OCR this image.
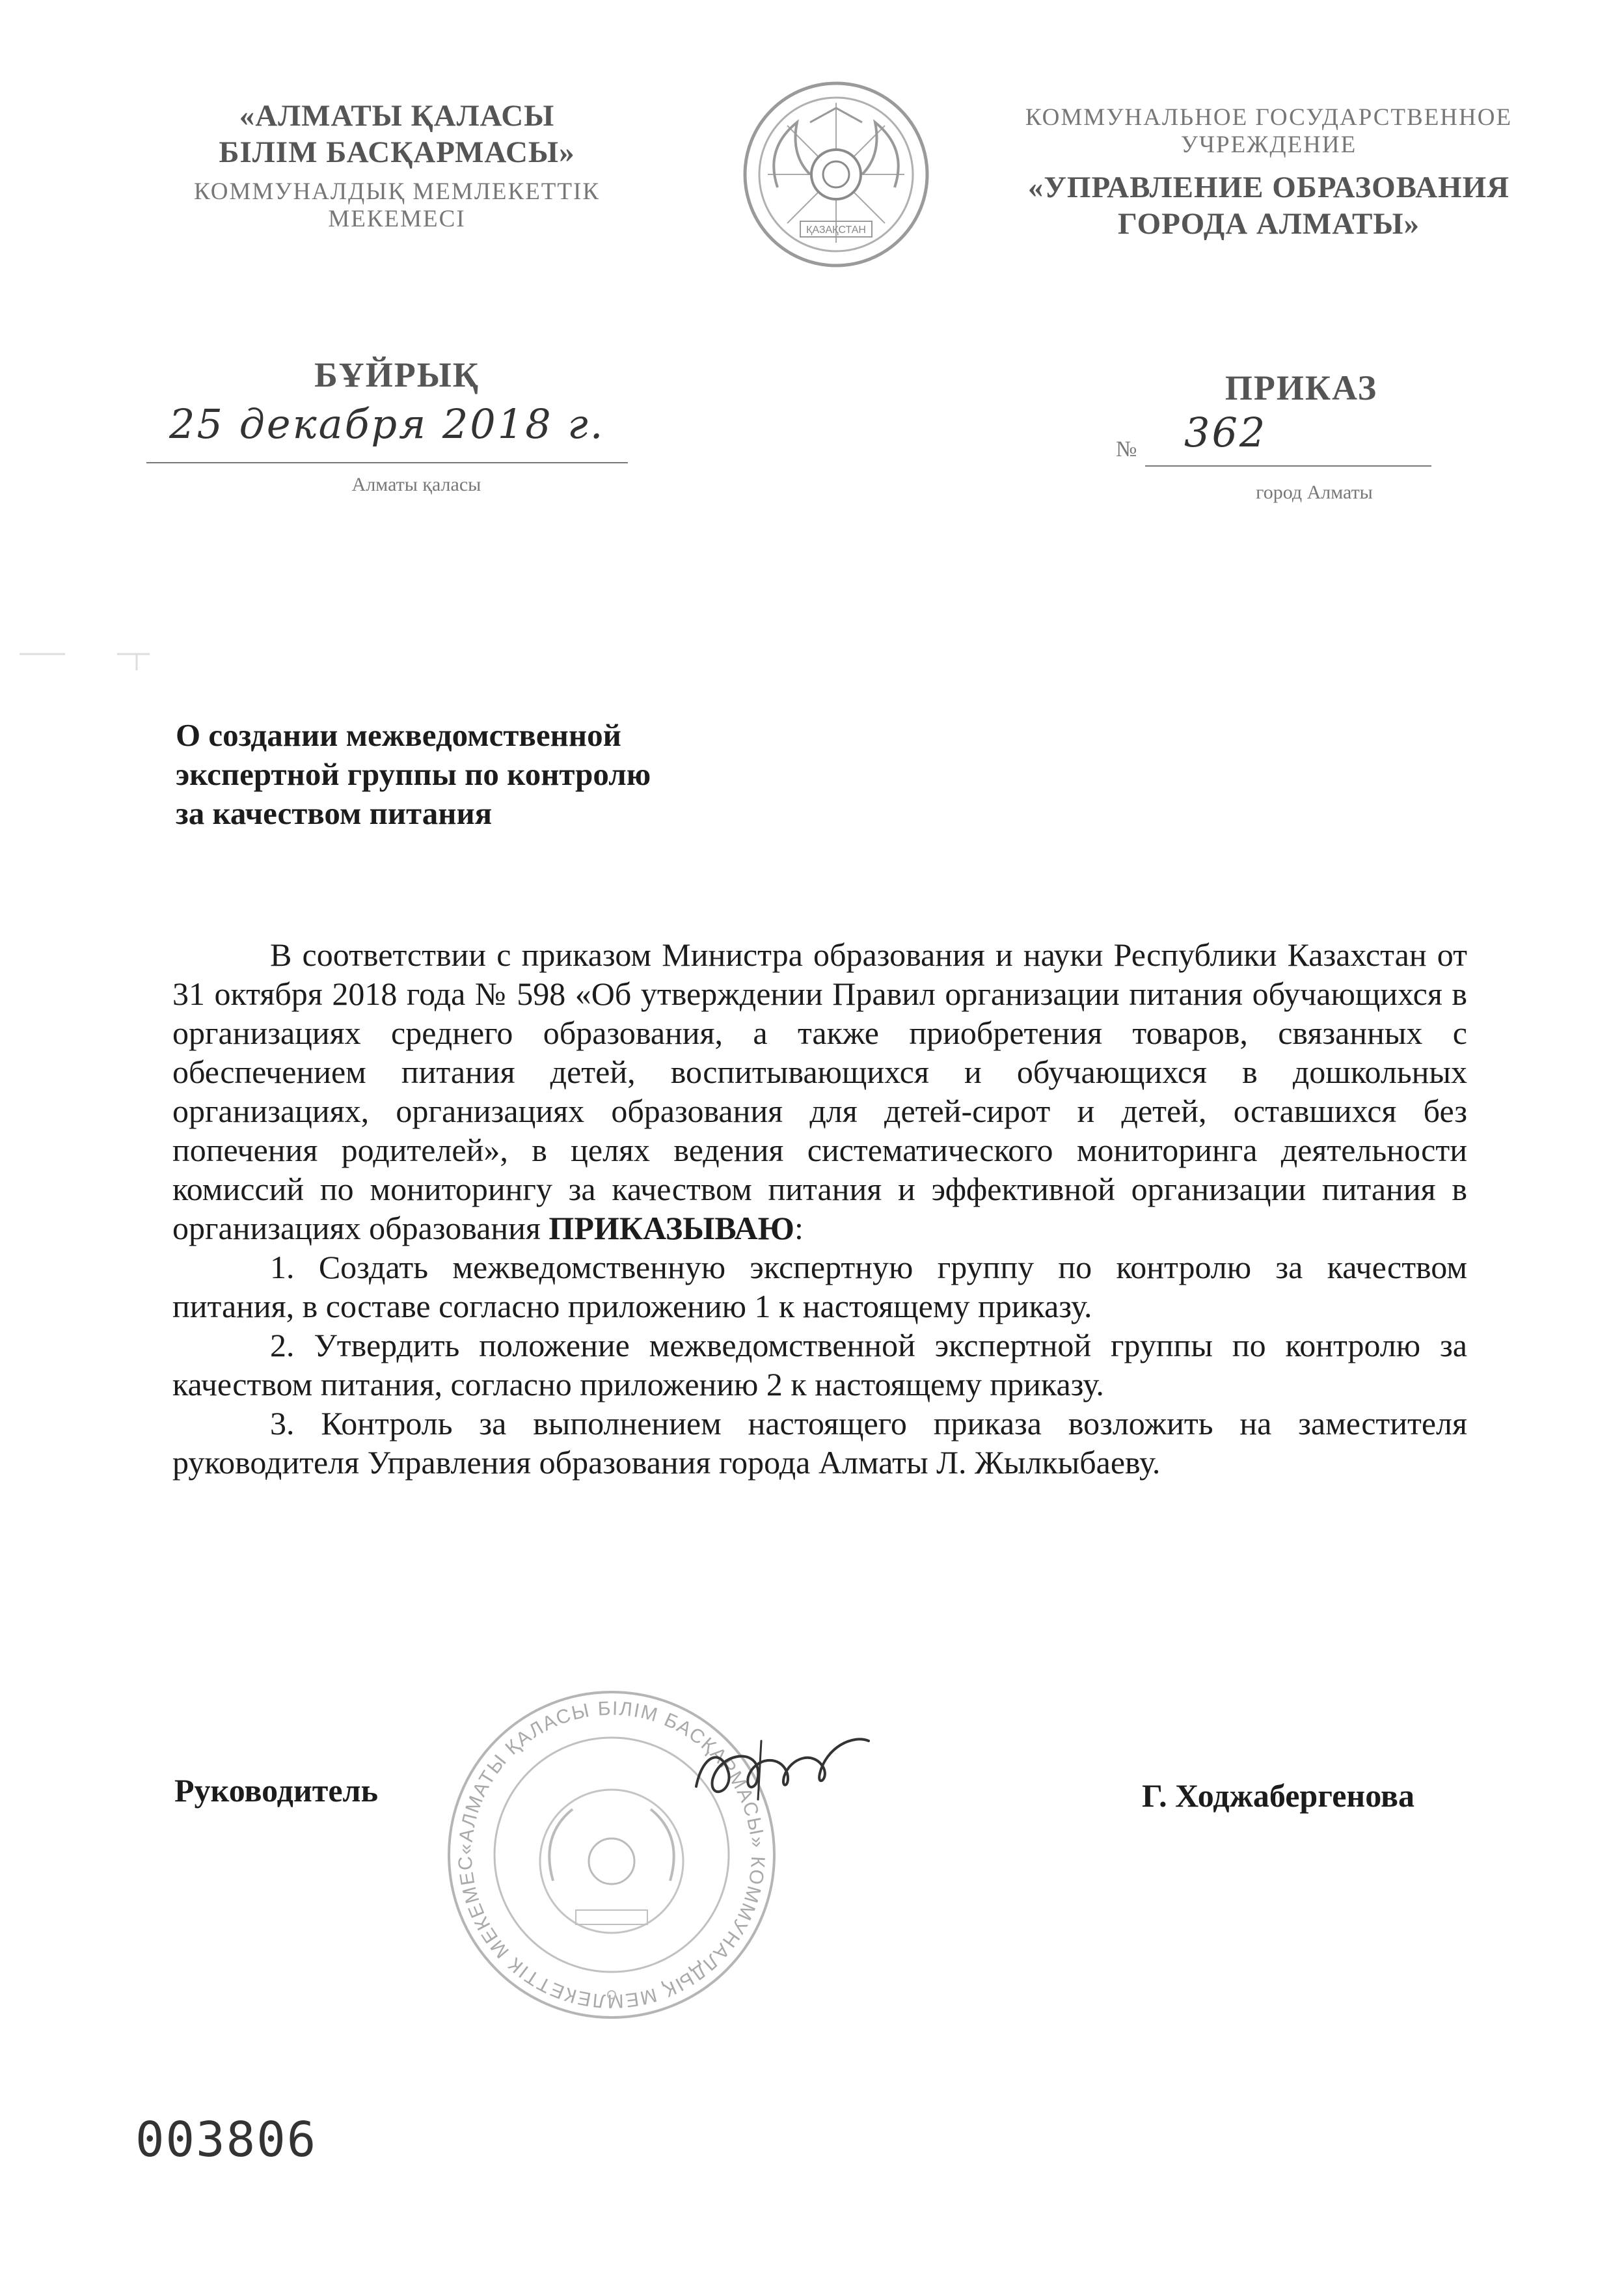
«АЛМАТЫ ҚАЛАСЫ
БІЛІМ БАСҚАРМАСЫ»
КОММУНАЛДЫҚ МЕМЛЕКЕТТІК
МЕКЕМЕСІ	ҚАЗАҚСТАН
КОММУНАЛЬНОЕ ГОСУДАРСТВЕННОЕ
УЧРЕЖДЕНИЕ
«УПРАВЛЕНИЕ ОБРАЗОВАНИЯ
ГОРОДА АЛМАТЫ»
БҰЙРЫҚ	ПРИКАЗ
25 декабря 2018 г.
Алматы қаласы
№ 362
город Алматы
О создании межведомственной
экспертной группы по контролю
за качеством питания

В соответствии с приказом Министра образования и науки Республики Казахстан от 31 октября 2018 года № 598 «Об утверждении Правил организации питания обучающихся в организациях среднего образования, а также приобретения товаров, связанных с обеспечением питания детей, воспитывающихся и обучающихся в дошкольных организациях, организациях образования для детей-сирот и детей, оставшихся без попечения родителей», в целях ведения систематического мониторинга деятельности комиссий по мониторингу за качеством питания и эффективной организации питания в организациях образования ПРИКАЗЫВАЮ:

1. Создать межведомственную экспертную группу по контролю за качеством питания, в составе согласно приложению 1 к настоящему приказу.

2. Утвердить положение межведомственной экспертной группы по контролю за качеством питания, согласно приложению 2 к настоящему приказу.

3. Контроль за выполнением настоящего приказа возложить на заместителя руководителя Управления образования города Алматы Л. Жылкыбаеву.

«АЛМАТЫ ҚАЛАСЫ БІЛІМ БАСҚАРМАСЫ» КОММУНАЛДЫҚ МЕМЛЕКЕТТІК МЕКЕМЕС
Руководитель	Г. Ходжабергенова
003806
